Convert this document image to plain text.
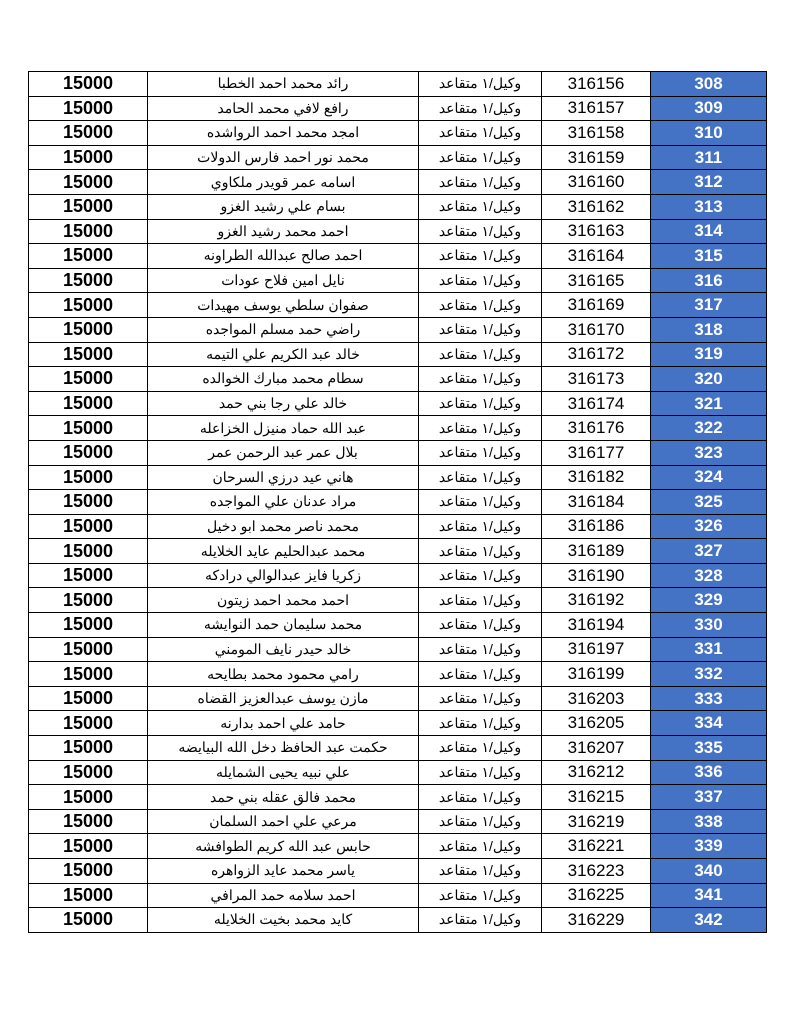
15000	رائد محمد احمد الخطبا	وكيل/١ متقاعد	316156	308
15000	رافع لافي محمد الحامد	وكيل/١ متقاعد	316157	309
15000	امجد محمد احمد الرواشده	وكيل/١ متقاعد	316158	310
15000	محمد نور احمد فارس الدولات	وكيل/١ متقاعد	316159	311
15000	اسامه عمر قويدر ملكاوي	وكيل/١ متقاعد	316160	312
15000	بسام علي رشيد الغزو	وكيل/١ متقاعد	316162	313
15000	احمد محمد رشيد الغزو	وكيل/١ متقاعد	316163	314
15000	احمد صالح عبدالله الطراونه	وكيل/١ متقاعد	316164	315
15000	نايل امين فلاح عودات	وكيل/١ متقاعد	316165	316
15000	صفوان سلطي يوسف مهيدات	وكيل/١ متقاعد	316169	317
15000	راضي حمد مسلم المواجده	وكيل/١ متقاعد	316170	318
15000	خالد عبد الكريم علي التيمه	وكيل/١ متقاعد	316172	319
15000	سطام محمد مبارك الخوالده	وكيل/١ متقاعد	316173	320
15000	خالد علي رجا بني حمد	وكيل/١ متقاعد	316174	321
15000	عبد الله حماد منيزل الخزاعله	وكيل/١ متقاعد	316176	322
15000	بلال عمر عبد الرحمن عمر	وكيل/١ متقاعد	316177	323
15000	هاني عيد درزي السرحان	وكيل/١ متقاعد	316182	324
15000	مراد عدنان علي المواجده	وكيل/١ متقاعد	316184	325
15000	محمد ناصر محمد ابو دخيل	وكيل/١ متقاعد	316186	326
15000	محمد عبدالحليم عايد الخلايله	وكيل/١ متقاعد	316189	327
15000	زكريا فايز عبدالوالي درادكه	وكيل/١ متقاعد	316190	328
15000	احمد محمد احمد زيتون	وكيل/١ متقاعد	316192	329
15000	محمد سليمان حمد النوايشه	وكيل/١ متقاعد	316194	330
15000	خالد حيدر نايف المومني	وكيل/١ متقاعد	316197	331
15000	رامي محمود محمد بطايحه	وكيل/١ متقاعد	316199	332
15000	مازن يوسف عبدالعزيز القضاه	وكيل/١ متقاعد	316203	333
15000	حامد علي احمد بدارنه	وكيل/١ متقاعد	316205	334
15000	حكمت عبد الحافظ دخل الله البيايضه	وكيل/١ متقاعد	316207	335
15000	علي نبيه يحيى الشمايله	وكيل/١ متقاعد	316212	336
15000	محمد فالق عقله بني حمد	وكيل/١ متقاعد	316215	337
15000	مرعي علي احمد السلمان	وكيل/١ متقاعد	316219	338
15000	حابس عبد الله كريم الطوافشه	وكيل/١ متقاعد	316221	339
15000	ياسر محمد عايد الزواهره	وكيل/١ متقاعد	316223	340
15000	احمد سلامه حمد المرافي	وكيل/١ متقاعد	316225	341
15000	كايد محمد بخيت الخلايله	وكيل/١ متقاعد	316229	342
